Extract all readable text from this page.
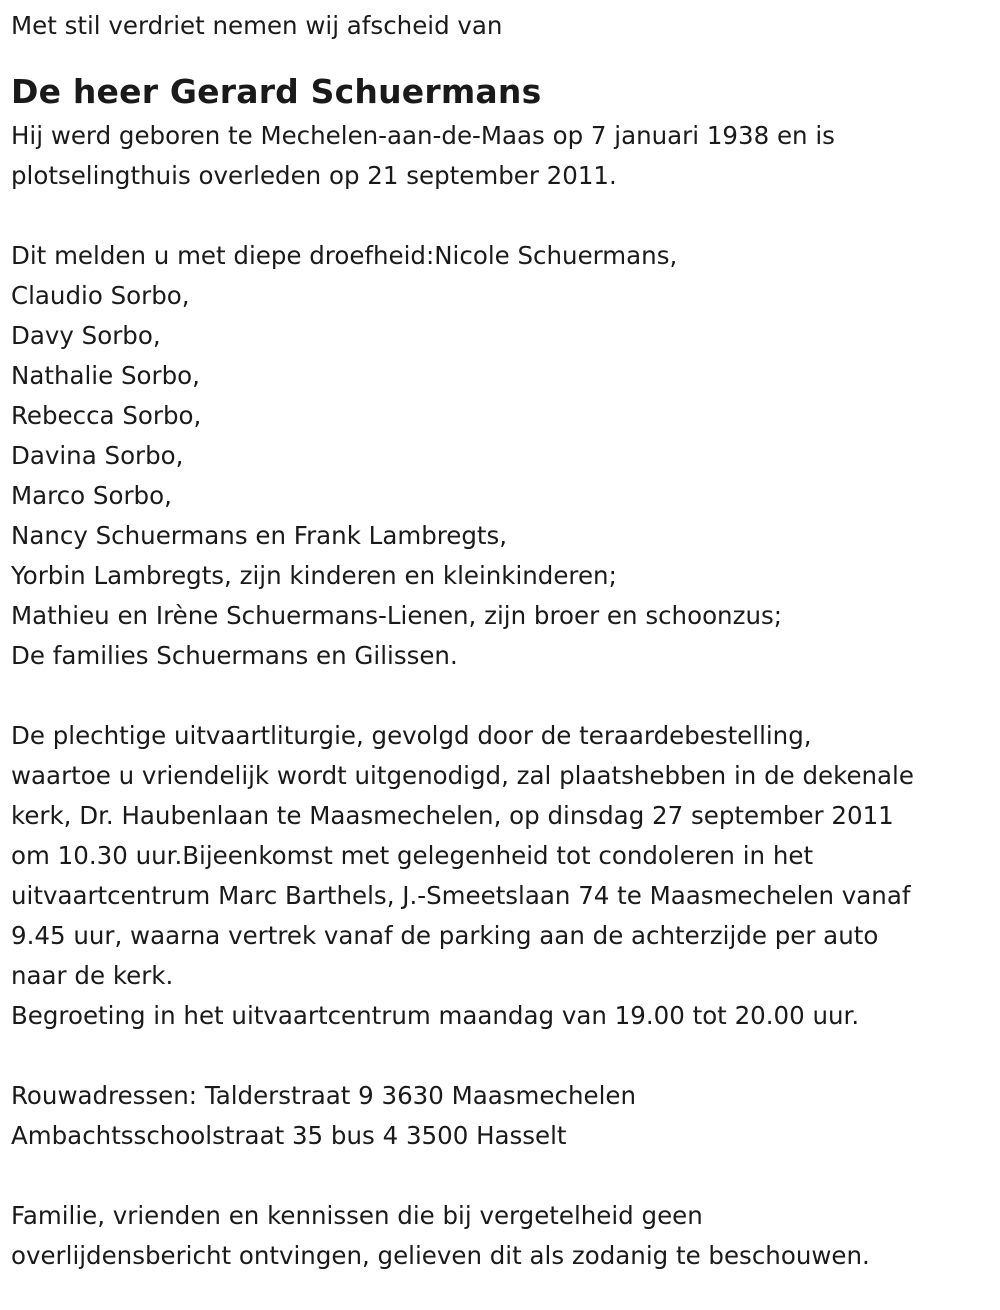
Met stil verdriet nemen wij afscheid van

De heer Gerard Schuermans
Hij werd geboren te Mechelen-aan-de-Maas op 7 januari 1938 en is
plotselingthuis overleden op 21 september 2011.
Dit melden u met diepe droefheid:Nicole Schuermans,
Claudio Sorbo,
Davy Sorbo,
Nathalie Sorbo,
Rebecca Sorbo,
Davina Sorbo,
Marco Sorbo,
Nancy Schuermans en Frank Lambregts,
Yorbin Lambregts, zijn kinderen en kleinkinderen;
Mathieu en Irène Schuermans-Lienen, zijn broer en schoonzus;
De families Schuermans en Gilissen.
De plechtige uitvaartliturgie, gevolgd door de teraardebestelling,
waartoe u vriendelijk wordt uitgenodigd, zal plaatshebben in de dekenale
kerk, Dr. Haubenlaan te Maasmechelen, op dinsdag 27 september 2011
om 10.30 uur.Bijeenkomst met gelegenheid tot condoleren in het
uitvaartcentrum Marc Barthels, J.-Smeetslaan 74 te Maasmechelen vanaf
9.45 uur, waarna vertrek vanaf de parking aan de achterzijde per auto
naar de kerk.
Begroeting in het uitvaartcentrum maandag van 19.00 tot 20.00 uur.
Rouwadressen: Talderstraat 9 3630 Maasmechelen
Ambachtsschoolstraat 35 bus 4 3500 Hasselt
Familie, vrienden en kennissen die bij vergetelheid geen
overlijdensbericht ontvingen, gelieven dit als zodanig te beschouwen.
